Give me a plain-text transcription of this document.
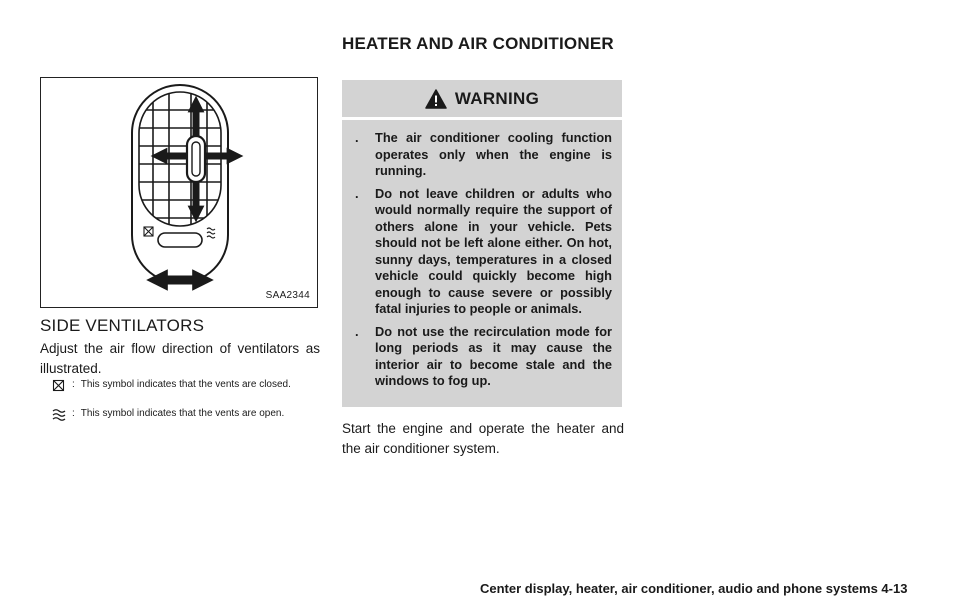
HEATER AND AIR CONDITIONER
SAA2344
SIDE VENTILATORS
Adjust the air flow direction of ventilators as illustrated.
: This symbol indicates that the vents are closed.
: This symbol indicates that the vents are open.
WARNING
. The air conditioner cooling function operates only when the engine is running.
. Do not leave children or adults who would normally require the support of others alone in your vehicle. Pets should not be left alone either. On hot, sunny days, temperatures in a closed vehicle could quickly become high enough to cause severe or possibly fatal injuries to people or animals.
. Do not use the recirculation mode for long periods as it may cause the interior air to become stale and the windows to fog up.
Start the engine and operate the heater and the air conditioner system.
Center display, heater, air conditioner, audio and phone systems 4-13
